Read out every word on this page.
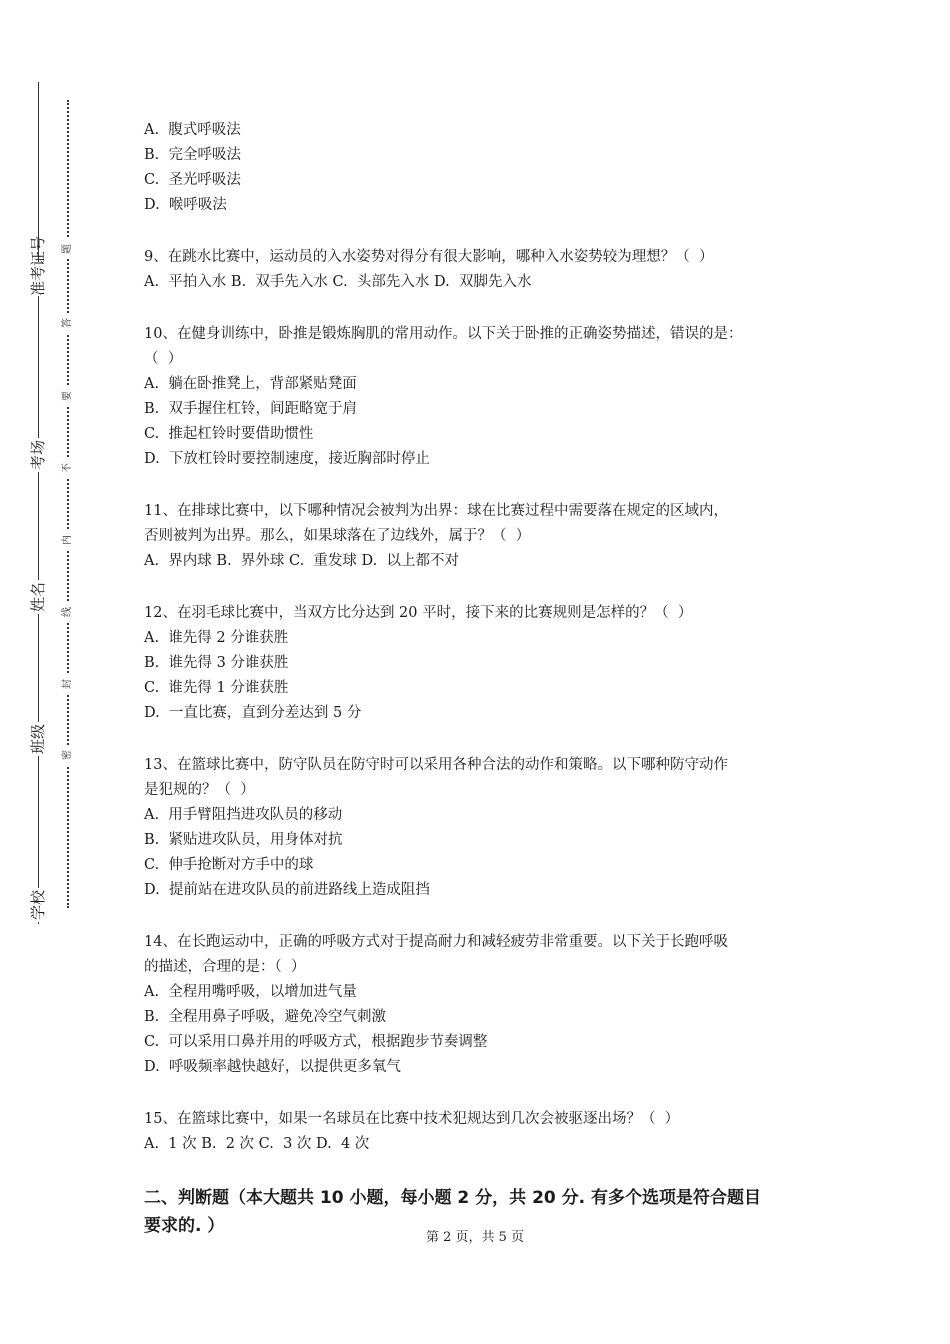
准考证号
考场
姓名
班级
学校
题
答
要
不
内
线
封
密

A.  腹式呼吸法

B.  完全呼吸法

C.  圣光呼吸法

D.  喉呼吸法

9、在跳水比赛中，运动员的入水姿势对得分有很大影响，哪种入水姿势较为理想？（  ）

A.  平拍入水 B.  双手先入水 C.  头部先入水 D.  双脚先入水

10、在健身训练中，卧推是锻炼胸肌的常用动作。以下关于卧推的正确姿势描述，错误的是：

（  ）

A.  躺在卧推凳上，背部紧贴凳面

B.  双手握住杠铃，间距略宽于肩

C.  推起杠铃时要借助惯性

D.  下放杠铃时要控制速度，接近胸部时停止

11、在排球比赛中，以下哪种情况会被判为出界：球在比赛过程中需要落在规定的区域内，

否则被判为出界。那么，如果球落在了边线外，属于？（  ）

A.  界内球 B.  界外球 C.  重发球 D.  以上都不对

12、在羽毛球比赛中，当双方比分达到 20 平时，接下来的比赛规则是怎样的？（  ）

A.  谁先得 2 分谁获胜

B.  谁先得 3 分谁获胜

C.  谁先得 1 分谁获胜

D.  一直比赛，直到分差达到 5 分

13、在篮球比赛中，防守队员在防守时可以采用各种合法的动作和策略。以下哪种防守动作

是犯规的？（  ）

A.  用手臂阻挡进攻队员的移动

B.  紧贴进攻队员，用身体对抗

C.  伸手抢断对方手中的球

D.  提前站在进攻队员的前进路线上造成阻挡

14、在长跑运动中，正确的呼吸方式对于提高耐力和减轻疲劳非常重要。以下关于长跑呼吸

的描述，合理的是：（  ）

A.  全程用嘴呼吸，以增加进气量

B.  全程用鼻子呼吸，避免冷空气刺激

C.  可以采用口鼻并用的呼吸方式，根据跑步节奏调整

D.  呼吸频率越快越好，以提供更多氧气

15、在篮球比赛中，如果一名球员在比赛中技术犯规达到几次会被驱逐出场？（  ）

A.  1 次 B.  2 次 C.  3 次 D.  4 次

二、判断题（本大题共 10 小题，每小题 2 分，共 20 分. 有多个选项是符合题目

要求的. ）

第 2 页，共 5 页
